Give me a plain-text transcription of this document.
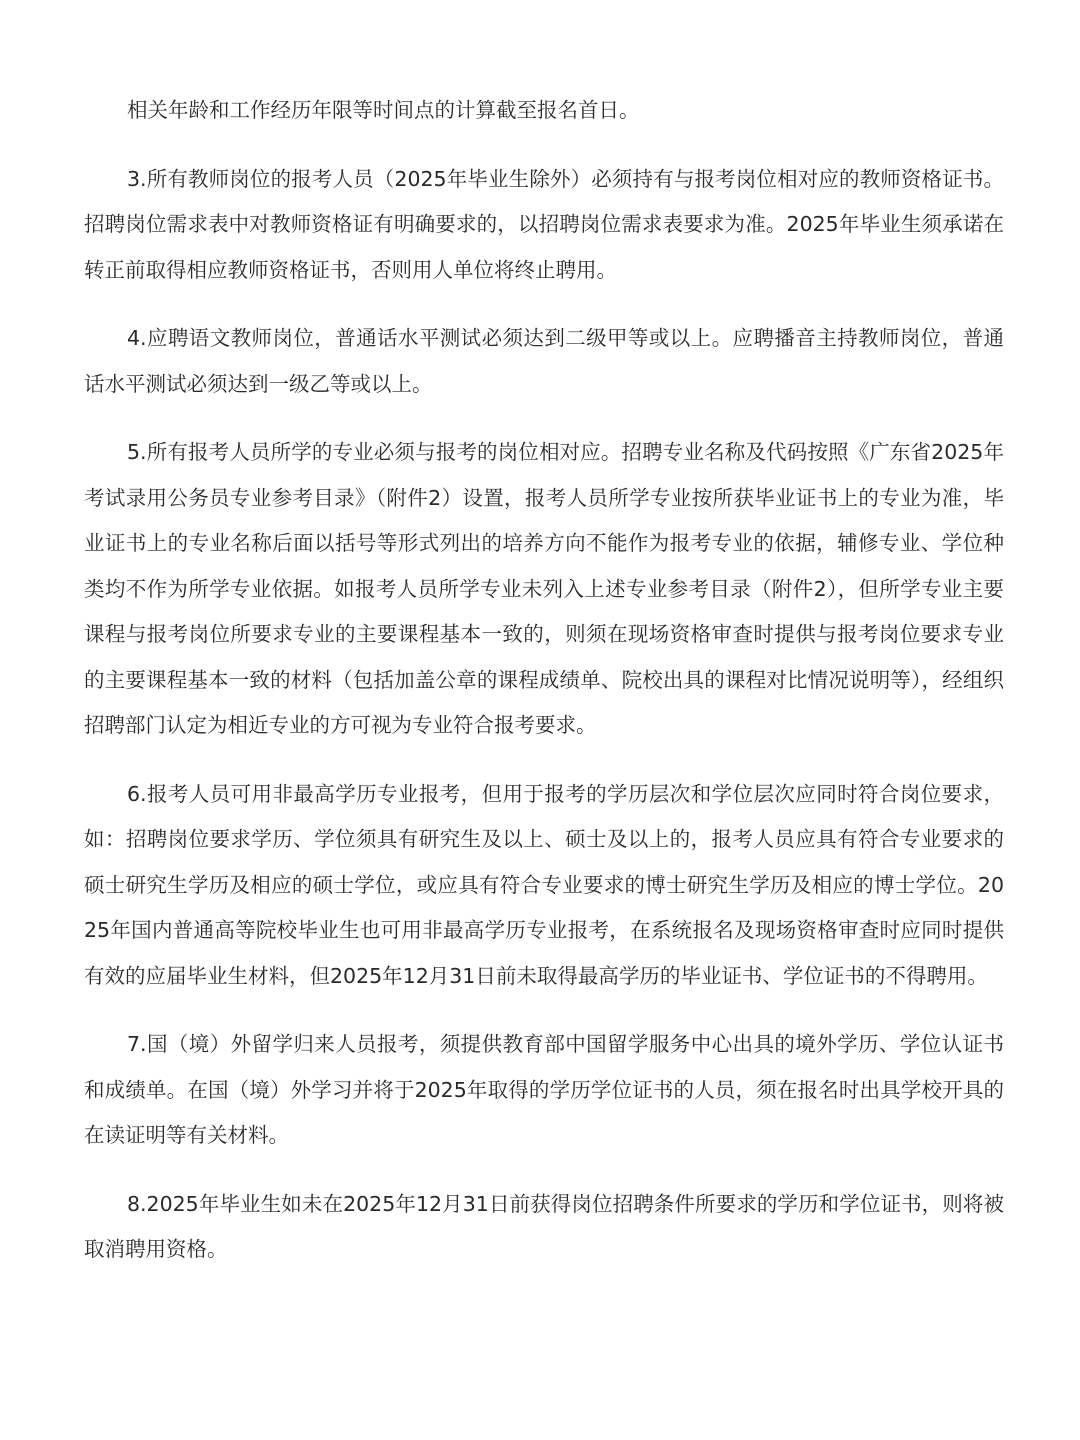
相关年龄和工作经历年限等时间点的计算截至报名首日。

3.所有教师岗位的报考人员（2025年毕业生除外）必须持有与报考岗位相对应的教师资格证书。招聘岗位需求表中对教师资格证有明确要求的，以招聘岗位需求表要求为准。2025年毕业生须承诺在转正前取得相应教师资格证书，否则用人单位将终止聘用。

4.应聘语文教师岗位，普通话水平测试必须达到二级甲等或以上。应聘播音主持教师岗位，普通话水平测试必须达到一级乙等或以上。

5.所有报考人员所学的专业必须与报考的岗位相对应。招聘专业名称及代码按照《广东省2025年考试录用公务员专业参考目录》（附件2）设置，报考人员所学专业按所获毕业证书上的专业为准，毕业证书上的专业名称后面以括号等形式列出的培养方向不能作为报考专业的依据，辅修专业、学位种类均不作为所学专业依据。如报考人员所学专业未列入上述专业参考目录（附件2），但所学专业主要课程与报考岗位所要求专业的主要课程基本一致的，则须在现场资格审查时提供与报考岗位要求专业的主要课程基本一致的材料（包括加盖公章的课程成绩单、院校出具的课程对比情况说明等），经组织招聘部门认定为相近专业的方可视为专业符合报考要求。

6.报考人员可用非最高学历专业报考，但用于报考的学历层次和学位层次应同时符合岗位要求，如：招聘岗位要求学历、学位须具有研究生及以上、硕士及以上的，报考人员应具有符合专业要求的硕士研究生学历及相应的硕士学位，或应具有符合专业要求的博士研究生学历及相应的博士学位。2025年国内普通高等院校毕业生也可用非最高学历专业报考，在系统报名及现场资格审查时应同时提供有效的应届毕业生材料，但2025年12月31日前未取得最高学历的毕业证书、学位证书的不得聘用。

7.国（境）外留学归来人员报考，须提供教育部中国留学服务中心出具的境外学历、学位认证书和成绩单。在国（境）外学习并将于2025年取得的学历学位证书的人员，须在报名时出具学校开具的在读证明等有关材料。

8.2025年毕业生如未在2025年12月31日前获得岗位招聘条件所要求的学历和学位证书，则将被取消聘用资格。
